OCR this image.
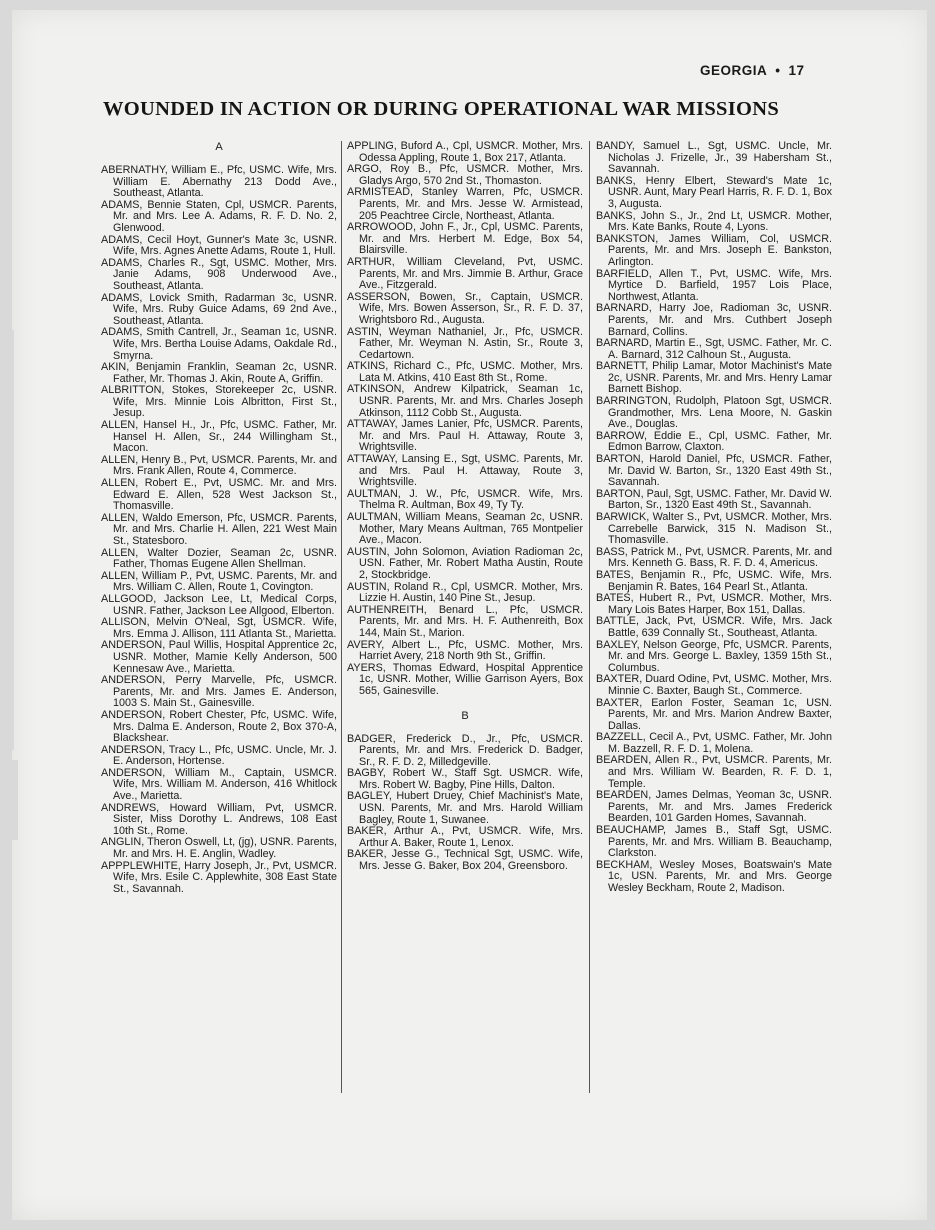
GEORGIA • 17
WOUNDED IN ACTION OR DURING OPERATIONAL WAR MISSIONS

A

ABERNATHY, William E., Pfc, USMC. Wife, Mrs. William E. Abernathy 213 Dodd Ave., Southeast, Atlanta.

ADAMS, Bennie Staten, Cpl, USMCR. Parents, Mr. and Mrs. Lee A. Adams, R. F. D. No. 2, Glenwood.

ADAMS, Cecil Hoyt, Gunner's Mate 3c, USNR. Wife, Mrs. Agnes Anette Adams, Route 1, Hull.

ADAMS, Charles R., Sgt, USMC. Mother, Mrs. Janie Adams, 908 Underwood Ave., Southeast, Atlanta.

ADAMS, Lovick Smith, Radarman 3c, USNR. Wife, Mrs. Ruby Guice Adams, 69 2nd Ave., Southeast, Atlanta.

ADAMS, Smith Cantrell, Jr., Seaman 1c, USNR. Wife, Mrs. Bertha Louise Adams, Oakdale Rd., Smyrna.

AKIN, Benjamin Franklin, Seaman 2c, USNR. Father, Mr. Thomas J. Akin, Route A, Griffin.

ALBRITTON, Stokes, Storekeeper 2c, USNR. Wife, Mrs. Minnie Lois Albritton, First St., Jesup.

ALLEN, Hansel H., Jr., Pfc, USMC. Father, Mr. Hansel H. Allen, Sr., 244 Willingham St., Macon.

ALLEN, Henry B., Pvt, USMCR. Parents, Mr. and Mrs. Frank Allen, Route 4, Commerce.

ALLEN, Robert E., Pvt, USMC. Mr. and Mrs. Edward E. Allen, 528 West Jackson St., Thomasville.

ALLEN, Waldo Emerson, Pfc, USMCR. Parents, Mr. and Mrs. Charlie H. Allen, 221 West Main St., Statesboro.

ALLEN, Walter Dozier, Seaman 2c, USNR. Father, Thomas Eugene Allen Shellman.

ALLEN, William P., Pvt, USMC. Parents, Mr. and Mrs. William C. Allen, Route 1, Covington.

ALLGOOD, Jackson Lee, Lt, Medical Corps, USNR. Father, Jackson Lee Allgood, Elberton.

ALLISON, Melvin O'Neal, Sgt, USMCR. Wife, Mrs. Emma J. Allison, 111 Atlanta St., Marietta.

ANDERSON, Paul Willis, Hospital Apprentice 2c, USNR. Mother, Mamie Kelly Anderson, 500 Kennesaw Ave., Marietta.

ANDERSON, Perry Marvelle, Pfc, USMCR. Parents, Mr. and Mrs. James E. Anderson, 1003 S. Main St., Gainesville.

ANDERSON, Robert Chester, Pfc, USMC. Wife, Mrs. Dalma E. Anderson, Route 2, Box 370-A, Blackshear.

ANDERSON, Tracy L., Pfc, USMC. Uncle, Mr. J. E. Anderson, Hortense.

ANDERSON, William M., Captain, USMCR. Wife, Mrs. William M. Anderson, 416 Whitlock Ave., Marietta.

ANDREWS, Howard William, Pvt, USMCR. Sister, Miss Dorothy L. Andrews, 108 East 10th St., Rome.

ANGLIN, Theron Oswell, Lt, (jg), USNR. Parents, Mr. and Mrs. H. E. Anglin, Wadley.

APPPLEWHITE, Harry Joseph, Jr., Pvt, USMCR. Wife, Mrs. Esile C. Applewhite, 308 East State St., Savannah.

APPLING, Buford A., Cpl, USMCR. Mother, Mrs. Odessa Appling, Route 1, Box 217, Atlanta.

ARGO, Roy B., Pfc, USMCR. Mother, Mrs. Gladys Argo, 570 2nd St., Thomaston.

ARMISTEAD, Stanley Warren, Pfc, USMCR. Parents, Mr. and Mrs. Jesse W. Armistead, 205 Peachtree Circle, Northeast, Atlanta.

ARROWOOD, John F., Jr., Cpl, USMC. Parents, Mr. and Mrs. Herbert M. Edge, Box 54, Blairsville.

ARTHUR, William Cleveland, Pvt, USMC. Parents, Mr. and Mrs. Jimmie B. Arthur, Grace Ave., Fitzgerald.

ASSERSON, Bowen, Sr., Captain, USMCR. Wife, Mrs. Bowen Asserson, Sr., R. F. D. 37, Wrightsboro Rd., Augusta.

ASTIN, Weyman Nathaniel, Jr., Pfc, USMCR. Father, Mr. Weyman N. Astin, Sr., Route 3, Cedartown.

ATKINS, Richard C., Pfc, USMC. Mother, Mrs. Lata M. Atkins, 410 East 8th St., Rome.

ATKINSON, Andrew Kilpatrick, Seaman 1c, USNR. Parents, Mr. and Mrs. Charles Joseph Atkinson, 1112 Cobb St., Augusta.

ATTAWAY, James Lanier, Pfc, USMCR. Parents, Mr. and Mrs. Paul H. Attaway, Route 3, Wrightsville.

ATTAWAY, Lansing E., Sgt, USMC. Parents, Mr. and Mrs. Paul H. Attaway, Route 3, Wrightsville.

AULTMAN, J. W., Pfc, USMCR. Wife, Mrs. Thelma R. Aultman, Box 49, Ty Ty.

AULTMAN, William Means, Seaman 2c, USNR. Mother, Mary Means Aultman, 765 Montpelier Ave., Macon.

AUSTIN, John Solomon, Aviation Radioman 2c, USN. Father, Mr. Robert Matha Austin, Route 2, Stockbridge.

AUSTIN, Roland R., Cpl, USMCR. Mother, Mrs. Lizzie H. Austin, 140 Pine St., Jesup.

AUTHENREITH, Benard L., Pfc, USMCR. Parents, Mr. and Mrs. H. F. Authenreith, Box 144, Main St., Marion.

AVERY, Albert L., Pfc, USMC. Mother, Mrs. Harriet Avery, 218 North 9th St., Griffin.

AYERS, Thomas Edward, Hospital Apprentice 1c, USNR. Mother, Willie Garrison Ayers, Box 565, Gainesville.

B

BADGER, Frederick D., Jr., Pfc, USMCR. Parents, Mr. and Mrs. Frederick D. Badger, Sr., R. F. D. 2, Milledgeville.

BAGBY, Robert W., Staff Sgt. USMCR. Wife, Mrs. Robert W. Bagby, Pine Hills, Dalton.

BAGLEY, Hubert Druey, Chief Machinist's Mate, USN. Parents, Mr. and Mrs. Harold William Bagley, Route 1, Suwanee.

BAKER, Arthur A., Pvt, USMCR. Wife, Mrs. Arthur A. Baker, Route 1, Lenox.

BAKER, Jesse G., Technical Sgt, USMC. Wife, Mrs. Jesse G. Baker, Box 204, Greensboro.

BANDY, Samuel L., Sgt, USMC. Uncle, Mr. Nicholas J. Frizelle, Jr., 39 Habersham St., Savannah.

BANKS, Henry Elbert, Steward's Mate 1c, USNR. Aunt, Mary Pearl Harris, R. F. D. 1, Box 3, Augusta.

BANKS, John S., Jr., 2nd Lt, USMCR. Mother, Mrs. Kate Banks, Route 4, Lyons.

BANKSTON, James William, Col, USMCR. Parents, Mr. and Mrs. Joseph E. Bankston, Arlington.

BARFIELD, Allen T., Pvt, USMC. Wife, Mrs. Myrtice D. Barfield, 1957 Lois Place, Northwest, Atlanta.

BARNARD, Harry Joe, Radioman 3c, USNR. Parents, Mr. and Mrs. Cuthbert Joseph Barnard, Collins.

BARNARD, Martin E., Sgt, USMC. Father, Mr. C. A. Barnard, 312 Calhoun St., Augusta.

BARNETT, Philip Lamar, Motor Machinist's Mate 2c, USNR. Parents, Mr. and Mrs. Henry Lamar Barnett Bishop.

BARRINGTON, Rudolph, Platoon Sgt, USMCR. Grandmother, Mrs. Lena Moore, N. Gaskin Ave., Douglas.

BARROW, Eddie E., Cpl, USMC. Father, Mr. Edmon Barrow, Claxton.

BARTON, Harold Daniel, Pfc, USMCR. Father, Mr. David W. Barton, Sr., 1320 East 49th St., Savannah.

BARTON, Paul, Sgt, USMC. Father, Mr. David W. Barton, Sr., 1320 East 49th St., Savannah.

BARWICK, Walter S., Pvt, USMCR. Mother, Mrs. Carrebelle Barwick, 315 N. Madison St., Thomasville.

BASS, Patrick M., Pvt, USMCR. Parents, Mr. and Mrs. Kenneth G. Bass, R. F. D. 4, Americus.

BATES, Benjamin R., Pfc, USMC. Wife, Mrs. Benjamin R. Bates, 164 Pearl St., Atlanta.

BATES, Hubert R., Pvt, USMCR. Mother, Mrs. Mary Lois Bates Harper, Box 151, Dallas.

BATTLE, Jack, Pvt, USMCR. Wife, Mrs. Jack Battle, 639 Connally St., Southeast, Atlanta.

BAXLEY, Nelson George, Pfc, USMCR. Parents, Mr. and Mrs. George L. Baxley, 1359 15th St., Columbus.

BAXTER, Duard Odine, Pvt, USMC. Mother, Mrs. Minnie C. Baxter, Baugh St., Commerce.

BAXTER, Earlon Foster, Seaman 1c, USN. Parents, Mr. and Mrs. Marion Andrew Baxter, Dallas.

BAZZELL, Cecil A., Pvt, USMC. Father, Mr. John M. Bazzell, R. F. D. 1, Molena.

BEARDEN, Allen R., Pvt, USMCR. Parents, Mr. and Mrs. William W. Bearden, R. F. D. 1, Temple.

BEARDEN, James Delmas, Yeoman 3c, USNR. Parents, Mr. and Mrs. James Frederick Bearden, 101 Garden Homes, Savannah.

BEAUCHAMP, James B., Staff Sgt, USMC. Parents, Mr. and Mrs. William B. Beauchamp, Clarkston.

BECKHAM, Wesley Moses, Boatswain's Mate 1c, USN. Parents, Mr. and Mrs. George Wesley Beckham, Route 2, Madison.
